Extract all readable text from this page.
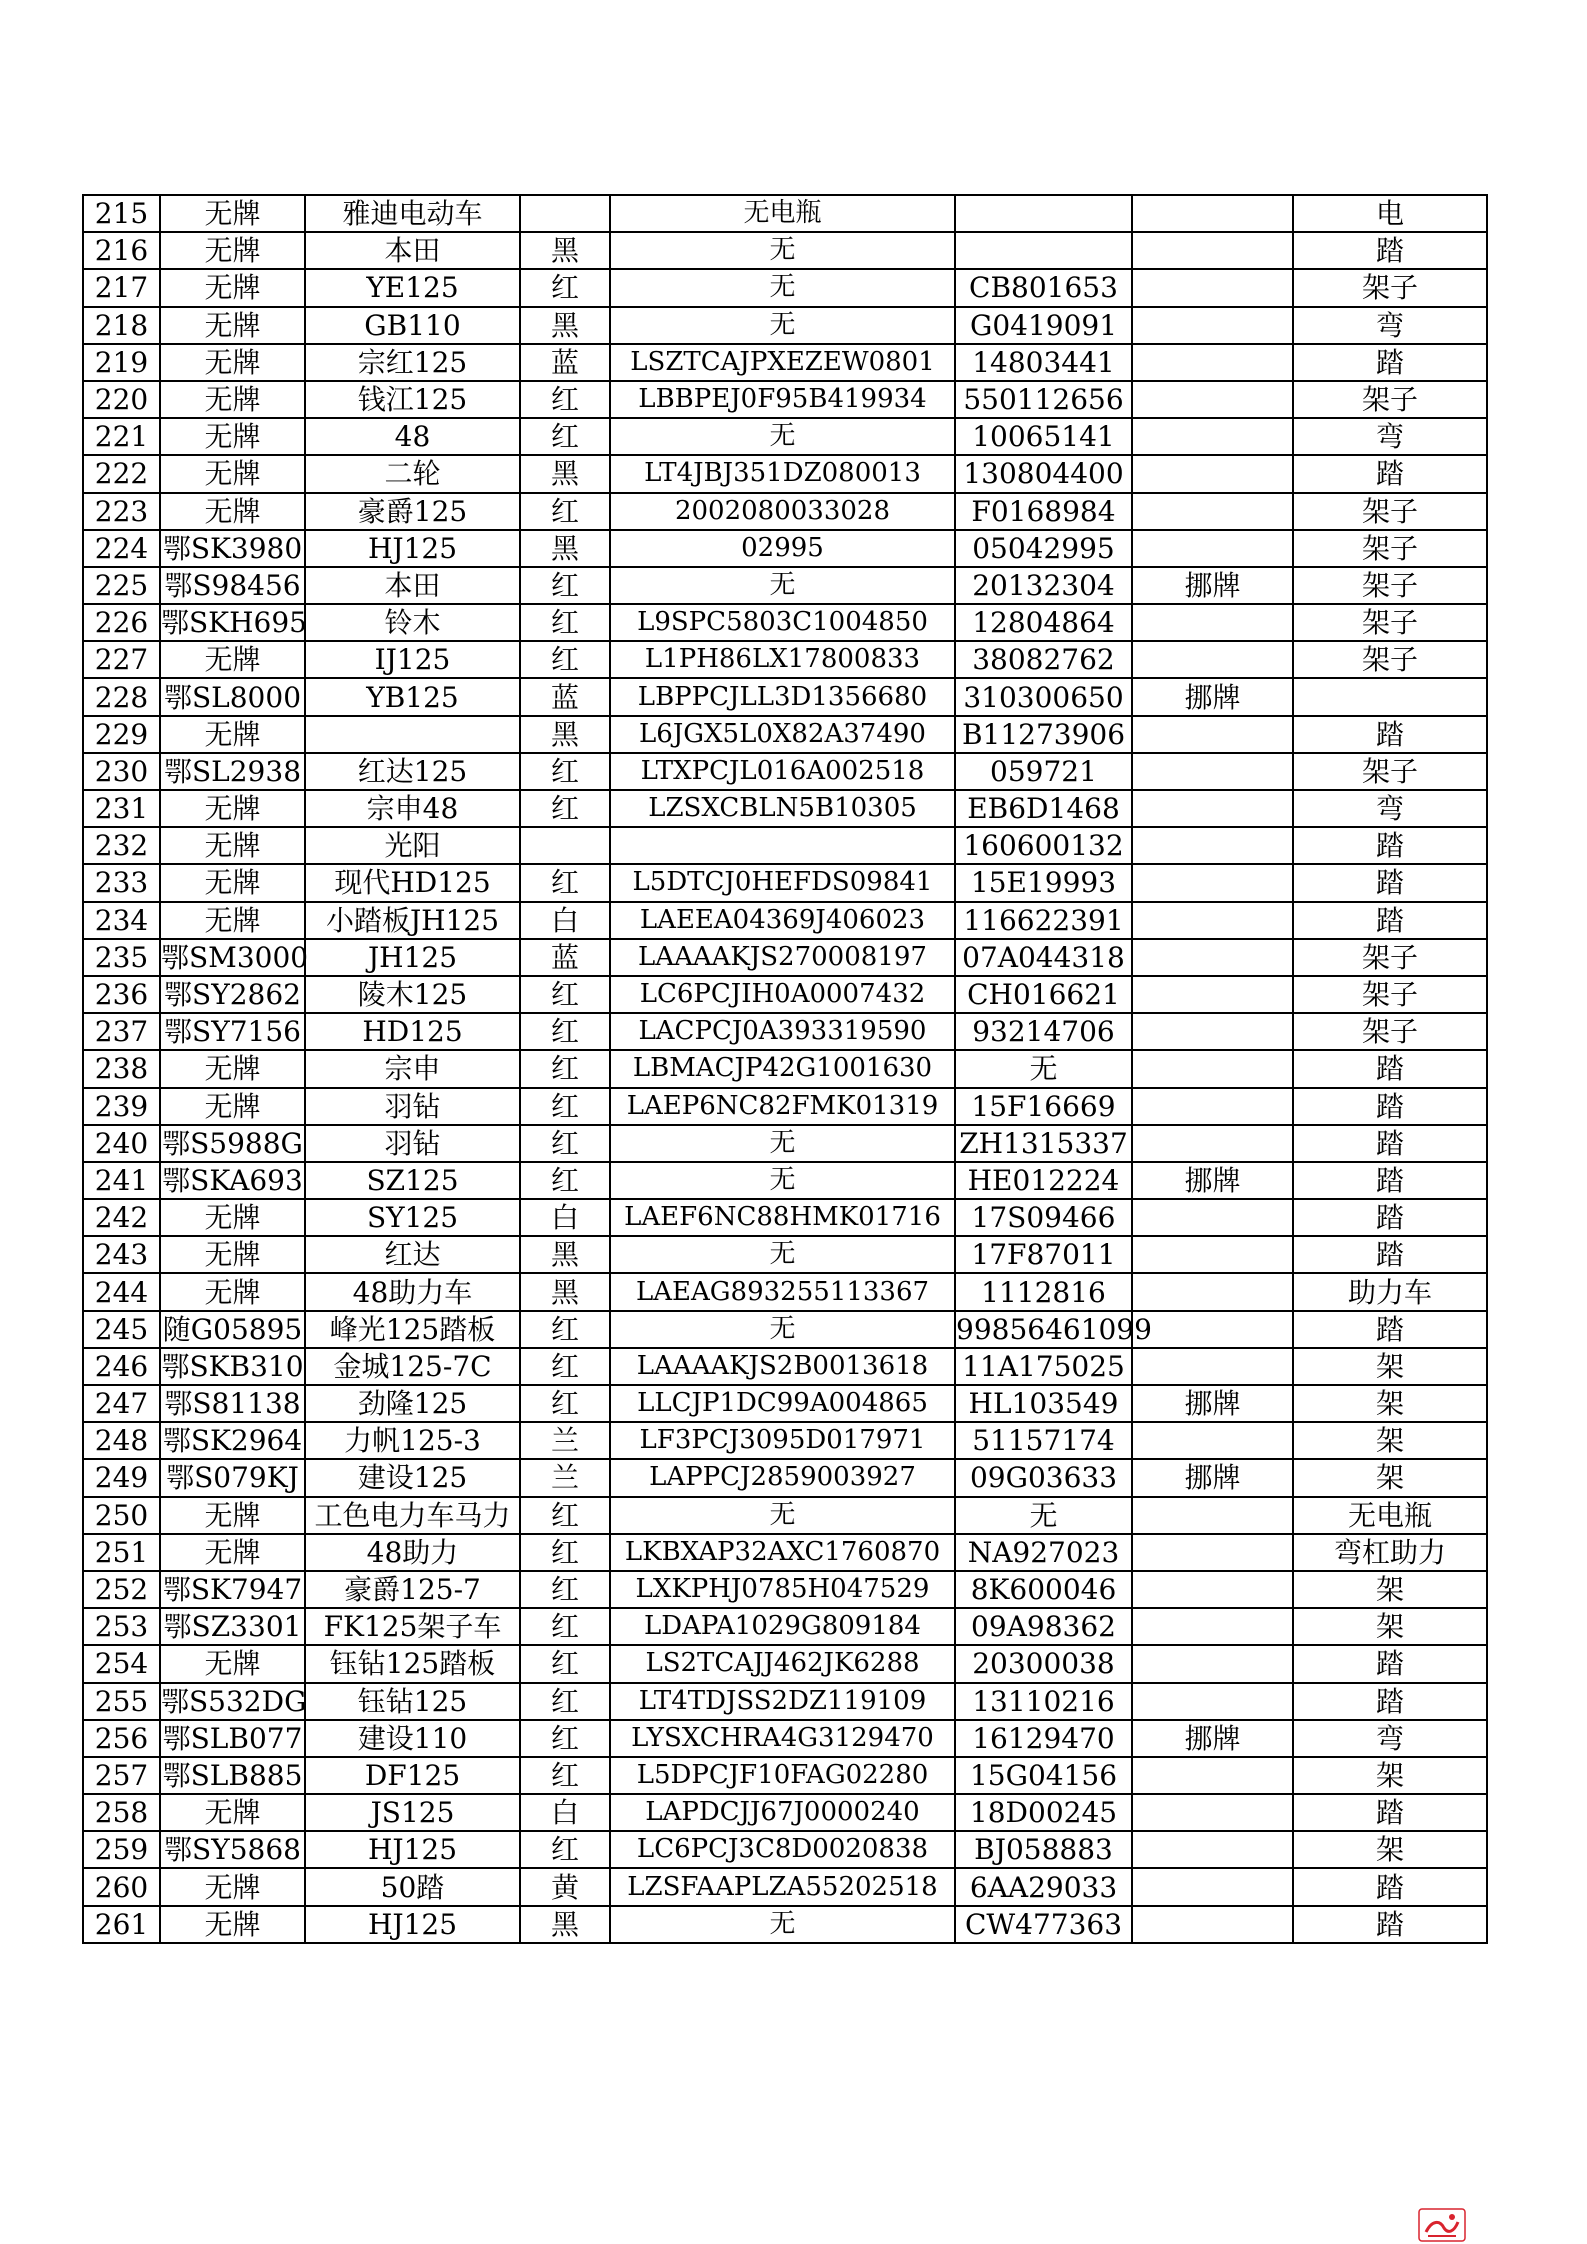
215	无牌	雅迪电动车		无电瓶			电
216	无牌	本田	黑	无			踏
217	无牌	YE125	红	无	CB801653		架子
218	无牌	GB110	黑	无	G0419091		弯
219	无牌	宗红125	蓝	LSZTCAJPXEZEW0801	14803441		踏
220	无牌	钱江125	红	LBBPEJ0F95B419934	550112656		架子
221	无牌	48	红	无	10065141		弯
222	无牌	二轮	黑	LT4JBJ351DZ080013	130804400		踏
223	无牌	豪爵125	红	2002080033028	F0168984		架子
224	鄂SK3980	HJ125	黑	02995	05042995		架子
225	鄂S98456	本田	红	无	20132304	挪牌	架子
226	鄂SKH695	铃木	红	L9SPC5803C1004850	12804864		架子
227	无牌	IJ125	红	L1PH86LX17800833	38082762		架子
228	鄂SL8000	YB125	蓝	LBPPCJLL3D1356680	310300650	挪牌	
229	无牌		黑	L6JGX5L0X82A37490	B11273906		踏
230	鄂SL2938	红达125	红	LTXPCJL016A002518	059721		架子
231	无牌	宗申48	红	LZSXCBLN5B10305	EB6D1468		弯
232	无牌	光阳			160600132		踏
233	无牌	现代HD125	红	L5DTCJ0HEFDS09841	15E19993		踏
234	无牌	小踏板JH125	白	LAEEA04369J406023	116622391		踏
235	鄂SM3000	JH125	蓝	LAAAAKJS270008197	07A044318		架子
236	鄂SY2862	陵木125	红	LC6PCJIH0A0007432	CH016621		架子
237	鄂SY7156	HD125	红	LACPCJ0A393319590	93214706		架子
238	无牌	宗申	红	LBMACJP42G1001630	无		踏
239	无牌	羽钻	红	LAEP6NC82FMK01319	15F16669		踏
240	鄂S5988G	羽钻	红	无	ZH1315337		踏
241	鄂SKA693	SZ125	红	无	HE012224	挪牌	踏
242	无牌	SY125	白	LAEF6NC88HMK01716	17S09466		踏
243	无牌	红达	黑	无	17F87011		踏
244	无牌	48助力车	黑	LAEAG893255113367	1112816		助力车
245	随G05895	峰光125踏板	红	无	99856461099		踏
246	鄂SKB310	金城125-7C	红	LAAAAKJS2B0013618	11A175025		架
247	鄂S81138	劲隆125	红	LLCJP1DC99A004865	HL103549	挪牌	架
248	鄂SK2964	力帆125-3	兰	LF3PCJ3095D017971	51157174		架
249	鄂S079KJ	建设125	兰	LAPPCJ2859003927	09G03633	挪牌	架
250	无牌	工色电力车马力	红	无	无		无电瓶
251	无牌	48助力	红	LKBXAP32AXC1760870	NA927023		弯杠助力
252	鄂SK7947	豪爵125-7	红	LXKPHJ0785H047529	8K600046		架
253	鄂SZ3301	FK125架子车	红	LDAPA1029G809184	09A98362		架
254	无牌	钰钻125踏板	红	LS2TCAJJ462JK6288	20300038		踏
255	鄂S532DG	钰钻125	红	LT4TDJSS2DZ119109	13110216		踏
256	鄂SLB077	建设110	红	LYSXCHRA4G3129470	16129470	挪牌	弯
257	鄂SLB885	DF125	红	L5DPCJF10FAG02280	15G04156		架
258	无牌	JS125	白	LAPDCJJ67J0000240	18D00245		踏
259	鄂SY5868	HJ125	红	LC6PCJ3C8D0020838	BJ058883		架
260	无牌	50踏	黄	LZSFAAPLZA55202518	6AA29033		踏
261	无牌	HJ125	黑	无	CW477363		踏
